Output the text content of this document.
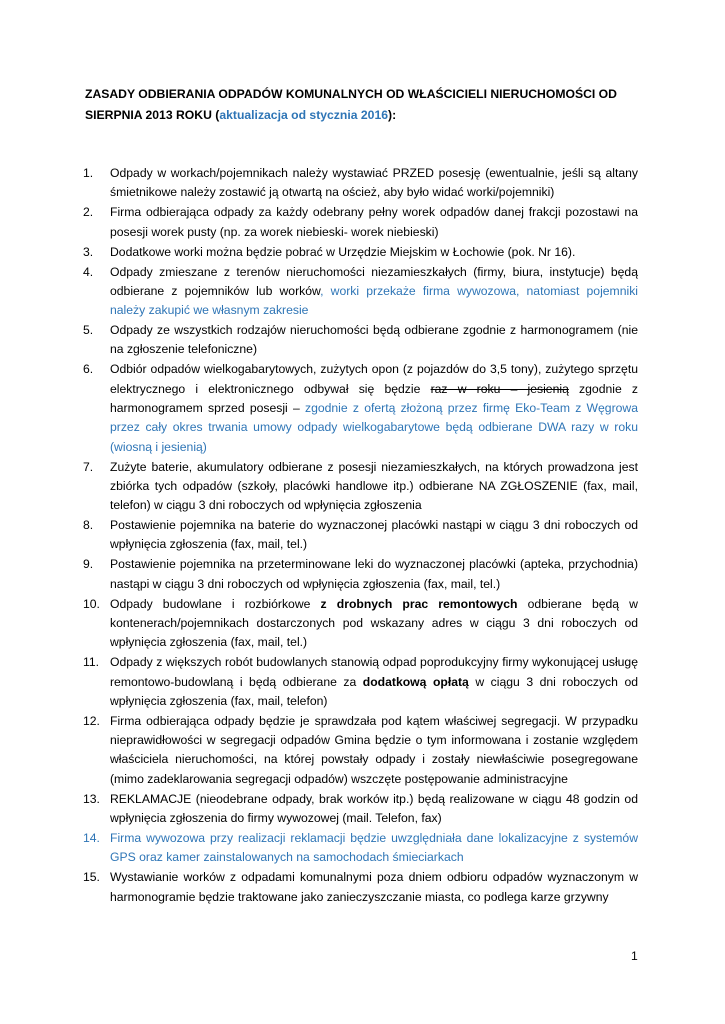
ZASADY ODBIERANIA ODPADÓW KOMUNALNYCH OD WŁAŚCICIELI NIERUCHOMOŚCI OD SIERPNIA 2013 ROKU (aktualizacja od stycznia 2016):
1. Odpady w workach/pojemnikach należy wystawiać PRZED posesję (ewentualnie, jeśli są altany śmietnikowe należy zostawić ją otwartą na oścież, aby było widać worki/pojemniki)
2. Firma odbierająca odpady za każdy odebrany pełny worek odpadów danej frakcji pozostawi na posesji worek pusty (np. za worek niebieski- worek niebieski)
3. Dodatkowe worki można będzie pobrać w Urzędzie Miejskim w Łochowie (pok. Nr 16).
4. Odpady zmieszane z terenów nieruchomości niezamieszkałych (firmy, biura, instytucje) będą odbierane z pojemników lub worków, worki przekaże firma wywozowa, natomiast pojemniki należy zakupić we własnym zakresie
5. Odpady ze wszystkich rodzajów nieruchomości będą odbierane zgodnie z harmonogramem (nie na zgłoszenie telefoniczne)
6. Odbiór odpadów wielkogabarytowych, zużytych opon (z pojazdów do 3,5 tony), zużytego sprzętu elektrycznego i elektronicznego odbywał się będzie raz w roku – jesienią zgodnie z harmonogramem sprzed posesji – zgodnie z ofertą złożoną przez firmę Eko-Team z Węgrowa przez cały okres trwania umowy odpady wielkogabarytowe będą odbierane DWA razy w roku (wiosną i jesienią)
7. Zużyte baterie, akumulatory odbierane z posesji niezamieszkałych, na których prowadzona jest zbiórka tych odpadów (szkoły, placówki handlowe itp.) odbierane NA ZGŁOSZENIE (fax, mail, telefon) w ciągu 3 dni roboczych od wpłynięcia zgłoszenia
8. Postawienie pojemnika na baterie do wyznaczonej placówki nastąpi w ciągu 3 dni roboczych od wpłynięcia zgłoszenia (fax, mail, tel.)
9. Postawienie pojemnika na przeterminowane leki do wyznaczonej placówki (apteka, przychodnia) nastąpi w ciągu 3 dni roboczych od wpłynięcia zgłoszenia (fax, mail, tel.)
10. Odpady budowlane i rozbiórkowe z drobnych prac remontowych odbierane będą w kontenerach/pojemnikach dostarczonych pod wskazany adres w ciągu 3 dni roboczych od wpłynięcia zgłoszenia (fax, mail, tel.)
11. Odpady z większych robót budowlanych stanowią odpad poprodukcyjny firmy wykonującej usługę remontowo-budowlaną i będą odbierane za dodatkową opłatą w ciągu 3 dni roboczych od wpłynięcia zgłoszenia (fax, mail, telefon)
12. Firma odbierająca odpady będzie je sprawdzała pod kątem właściwej segregacji. W przypadku nieprawidłowości w segregacji odpadów Gmina będzie o tym informowana i zostanie względem właściciela nieruchomości, na której powstały odpady i zostały niewłaściwie posegregowane (mimo zadeklarowania segregacji odpadów) wszczęte postępowanie administracyjne
13. REKLAMACJE (nieodebrane odpady, brak worków itp.) będą realizowane w ciągu 48 godzin od wpłynięcia zgłoszenia do firmy wywozowej (mail. Telefon, fax)
14. Firma wywozowa przy realizacji reklamacji będzie uwzględniała dane lokalizacyjne z systemów GPS oraz kamer zainstalowanych na samochodach śmieciarkach
15. Wystawianie worków z odpadami komunalnymi poza dniem odbioru odpadów wyznaczonym w harmonogramie będzie traktowane jako zanieczyszczanie miasta, co podlega karze grzywny
1
